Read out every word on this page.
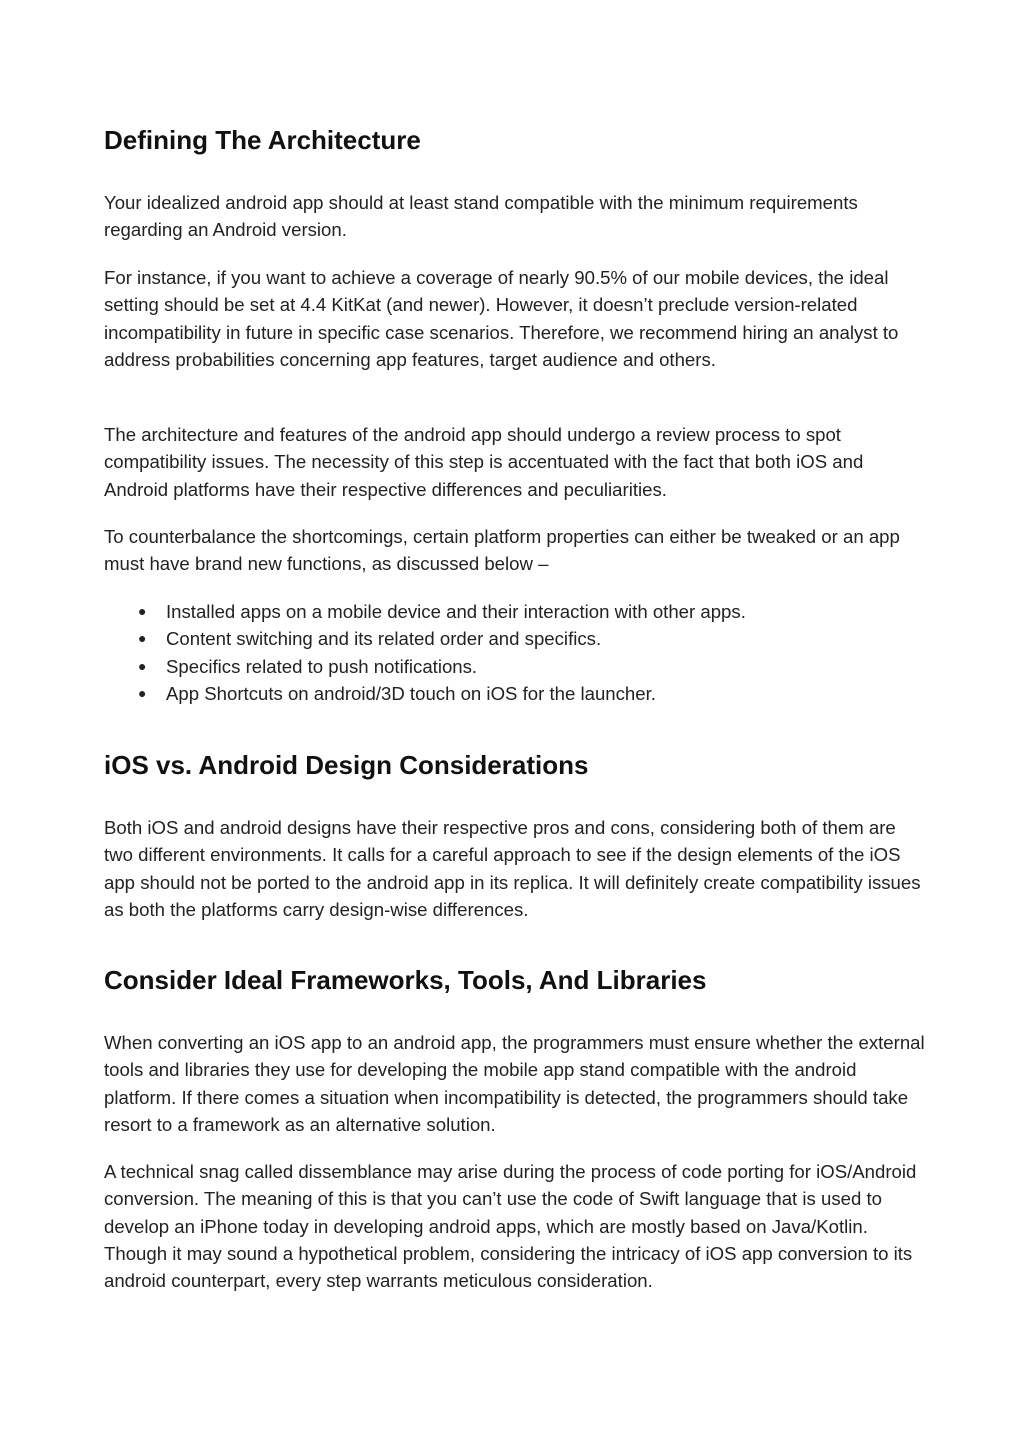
Defining The Architecture

Your idealized android app should at least stand compatible with the minimum requirements regarding an Android version.

For instance, if you want to achieve a coverage of nearly 90.5% of our mobile devices, the ideal setting should be set at 4.4 KitKat (and newer). However, it doesn’t preclude version-related incompatibility in future in specific case scenarios. Therefore, we recommend hiring an analyst to address probabilities concerning app features, target audience and others.

The architecture and features of the android app should undergo a review process to spot compatibility issues. The necessity of this step is accentuated with the fact that both iOS and Android platforms have their respective differences and peculiarities.

To counterbalance the shortcomings, certain platform properties can either be tweaked or an app must have brand new functions, as discussed below –

● Installed apps on a mobile device and their interaction with other apps.
● Content switching and its related order and specifics.
● Specifics related to push notifications.
● App Shortcuts on android/3D touch on iOS for the launcher.
iOS vs. Android Design Considerations

Both iOS and android designs have their respective pros and cons, considering both of them are two different environments. It calls for a careful approach to see if the design elements of the iOS app should not be ported to the android app in its replica. It will definitely create compatibility issues as both the platforms carry design-wise differences.

Consider Ideal Frameworks, Tools, And Libraries

When converting an iOS app to an android app, the programmers must ensure whether the external tools and libraries they use for developing the mobile app stand compatible with the android platform. If there comes a situation when incompatibility is detected, the programmers should take resort to a framework as an alternative solution.

A technical snag called dissemblance may arise during the process of code porting for iOS/Android conversion. The meaning of this is that you can’t use the code of Swift language that is used to develop an iPhone today in developing android apps, which are mostly based on Java/Kotlin. Though it may sound a hypothetical problem, considering the intricacy of iOS app conversion to its android counterpart, every step warrants meticulous consideration.
